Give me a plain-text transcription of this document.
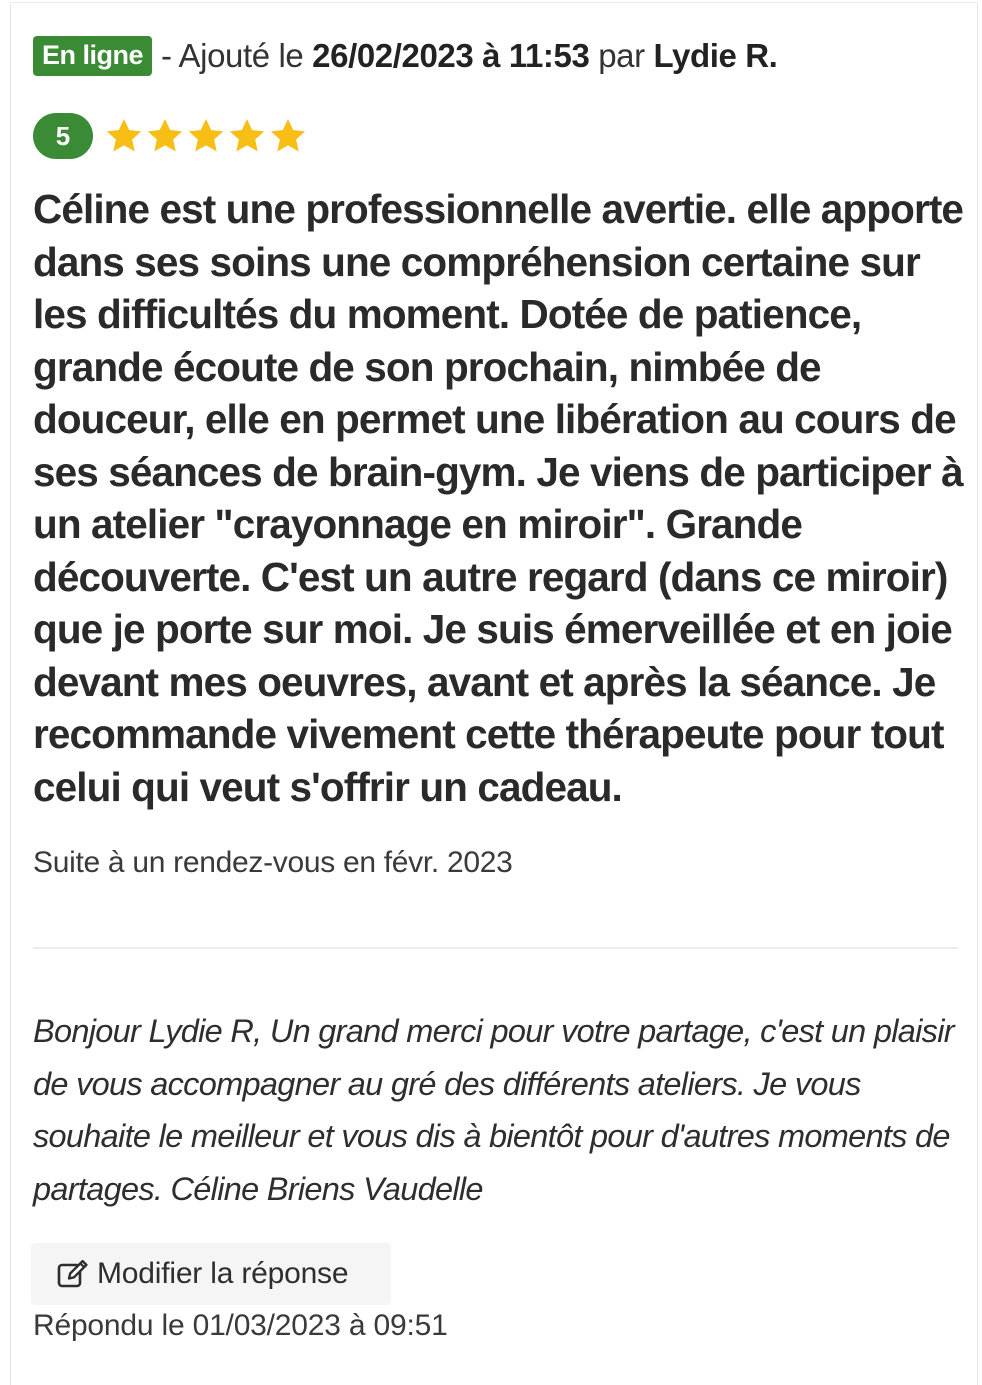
En ligne - Ajouté le 26/02/2023 à 11:53 par Lydie R.
5

Céline est une professionnelle avertie. elle apporte dans ses soins une compréhension certaine sur les difficultés du moment. Dotée de patience, grande écoute de son prochain, nimbée de douceur, elle en permet une libération au cours de ses séances de brain-gym. Je viens de participer à un atelier "crayonnage en miroir". Grande découverte. C'est un autre regard (dans ce miroir) que je porte sur moi. Je suis émerveillée et en joie devant mes oeuvres, avant et après la séance. Je recommande vivement cette thérapeute pour tout celui qui veut s'offrir un cadeau.

Suite à un rendez-vous en févr. 2023

Bonjour Lydie R, Un grand merci pour votre partage, c'est un plaisir de vous accompagner au gré des différents ateliers. Je vous souhaite le meilleur et vous dis à bientôt pour d'autres moments de partages. Céline Briens Vaudelle

Modifier la réponse
Répondu le 01/03/2023 à 09:51
